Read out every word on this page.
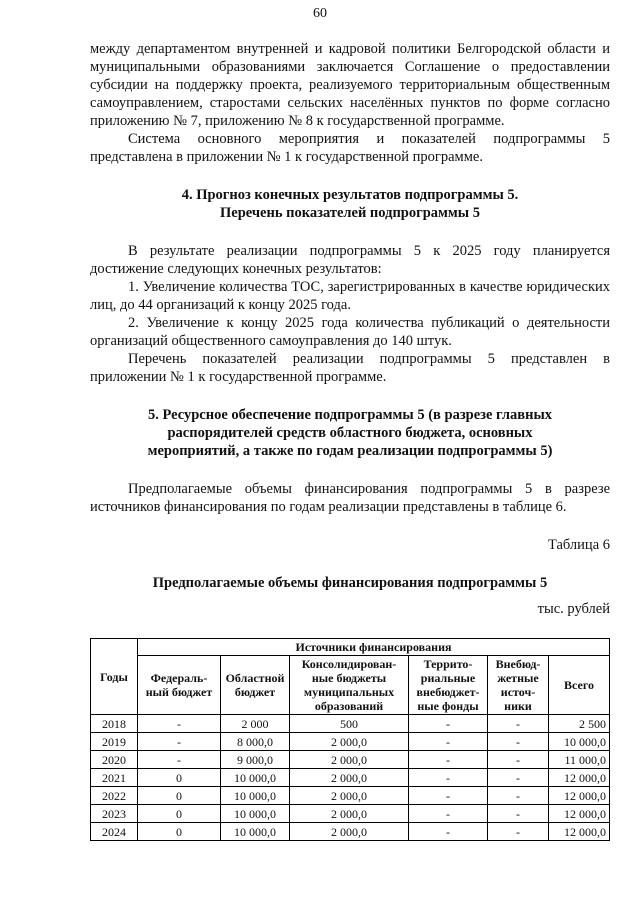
60

между департаментом внутренней и кадровой политики Белгородской области и муниципальными образованиями заключается Соглашение о предоставлении субсидии на поддержку проекта, реализуемого территориальным общественным самоуправлением, старостами сельских населённых пунктов по форме согласно приложению № 7, приложению № 8 к государственной программе.

Система основного мероприятия и показателей подпрограммы 5 представлена в приложении № 1 к государственной программе.

4. Прогноз конечных результатов подпрограммы 5.
Перечень показателей подпрограммы 5

В результате реализации подпрограммы 5 к 2025 году планируется достижение следующих конечных результатов:

1. Увеличение количества ТОС, зарегистрированных в качестве юридических лиц, до 44 организаций к концу 2025 года.

2. Увеличение к концу 2025 года количества публикаций о деятельности организаций общественного самоуправления до 140 штук.

Перечень показателей реализации подпрограммы 5 представлен в приложении № 1 к государственной программе.

5. Ресурсное обеспечение подпрограммы 5 (в разрезе главных
распорядителей средств областного бюджета, основных
мероприятий, а также по годам реализации подпрограммы 5)

Предполагаемые объемы финансирования подпрограммы 5 в разрезе источников финансирования по годам реализации представлены в таблице 6.

Таблица 6

Предполагаемые объемы финансирования подпрограммы 5

тыс. рублей

Годы	Источники финансирования					
	Федераль-ный бюджет	Областной бюджет	Консолидирован-ные бюджеты муниципальных образований	Террито-риальные внебюджет-ные фонды	Внебюд-жетные источ-ники	Всего
2018	-	2 000	500	-	-	2 500
2019	-	8 000,0	2 000,0	-	-	10 000,0
2020	-	9 000,0	2 000,0	-	-	11 000,0
2021	0	10 000,0	2 000,0	-	-	12 000,0
2022	0	10 000,0	2 000,0	-	-	12 000,0
2023	0	10 000,0	2 000,0	-	-	12 000,0
2024	0	10 000,0	2 000,0	-	-	12 000,0
